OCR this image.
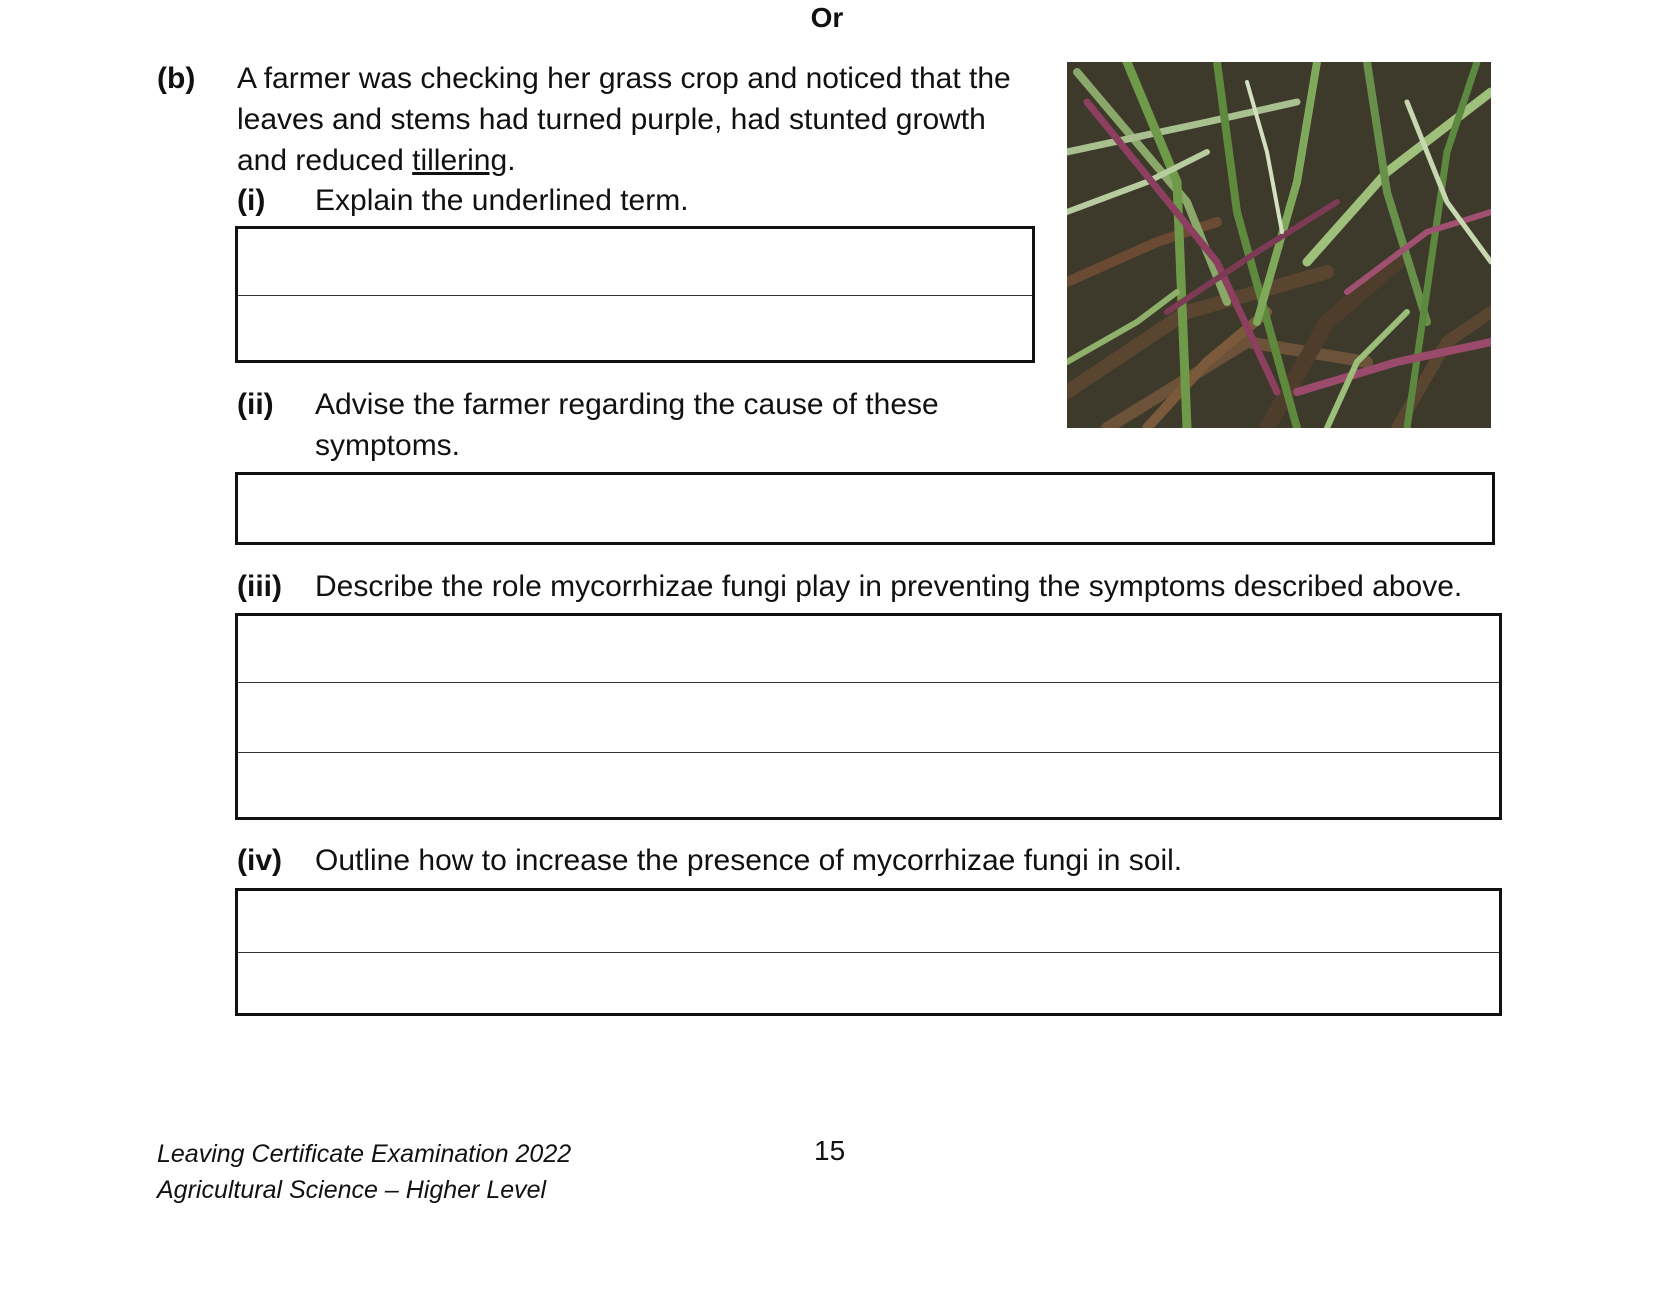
Or
(b) A farmer was checking her grass crop and noticed that the
leaves and stems had turned purple, had stunted growth
and reduced tillering.
(i) Explain the underlined term.
(ii) Advise the farmer regarding the cause of these
symptoms.
(iii) Describe the role mycorrhizae fungi play in preventing the symptoms described above.
(iv) Outline how to increase the presence of mycorrhizae fungi in soil.
Leaving Certificate Examination 2022
Agricultural Science – Higher Level
15
